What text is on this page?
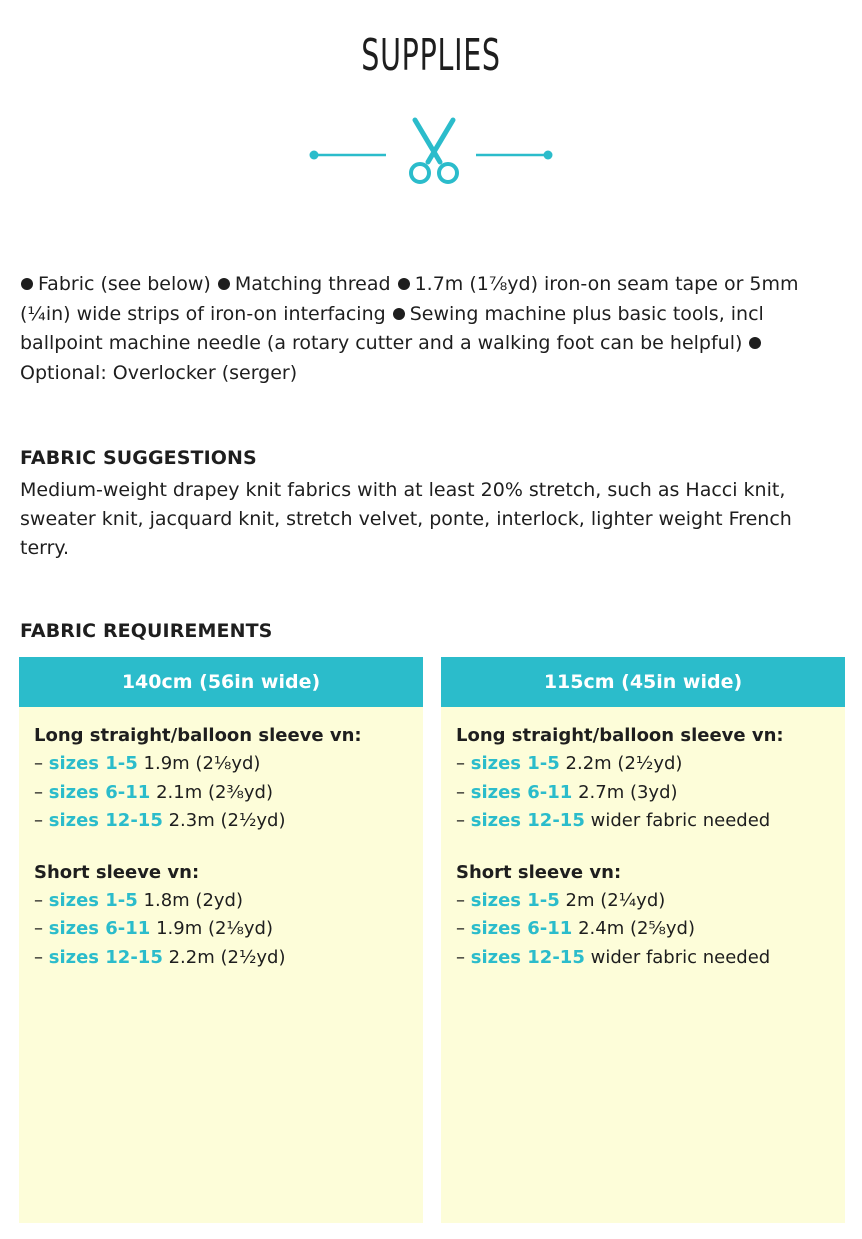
SUPPLIES

Fabric (see below) Matching thread 1.7m (1⅞yd) iron-on seam tape or 5mm (¼in) wide strips of iron-on interfacing Sewing machine plus basic tools, incl ballpoint machine needle (a rotary cutter and a walking foot can be helpful) Optional: Overlocker (serger)

FABRIC SUGGESTIONS

Medium-weight drapey knit fabrics with at least 20% stretch, such as Hacci knit, sweater knit, jacquard knit, stretch velvet, ponte, interlock, lighter weight French terry.

FABRIC REQUIREMENTS
140cm (56in wide)
Long straight/balloon sleeve vn:
– sizes 1-5 1.9m (2⅛yd)
– sizes 6-11 2.1m (2⅜yd)
– sizes 12-15 2.3m (2½yd)
Short sleeve vn:
– sizes 1-5 1.8m (2yd)
– sizes 6-11 1.9m (2⅛yd)
– sizes 12-15 2.2m (2½yd)
115cm (45in wide)
Long straight/balloon sleeve vn:
– sizes 1-5 2.2m (2½yd)
– sizes 6-11 2.7m (3yd)
– sizes 12-15 wider fabric needed
Short sleeve vn:
– sizes 1-5 2m (2¼yd)
– sizes 6-11 2.4m (2⅝yd)
– sizes 12-15 wider fabric needed
